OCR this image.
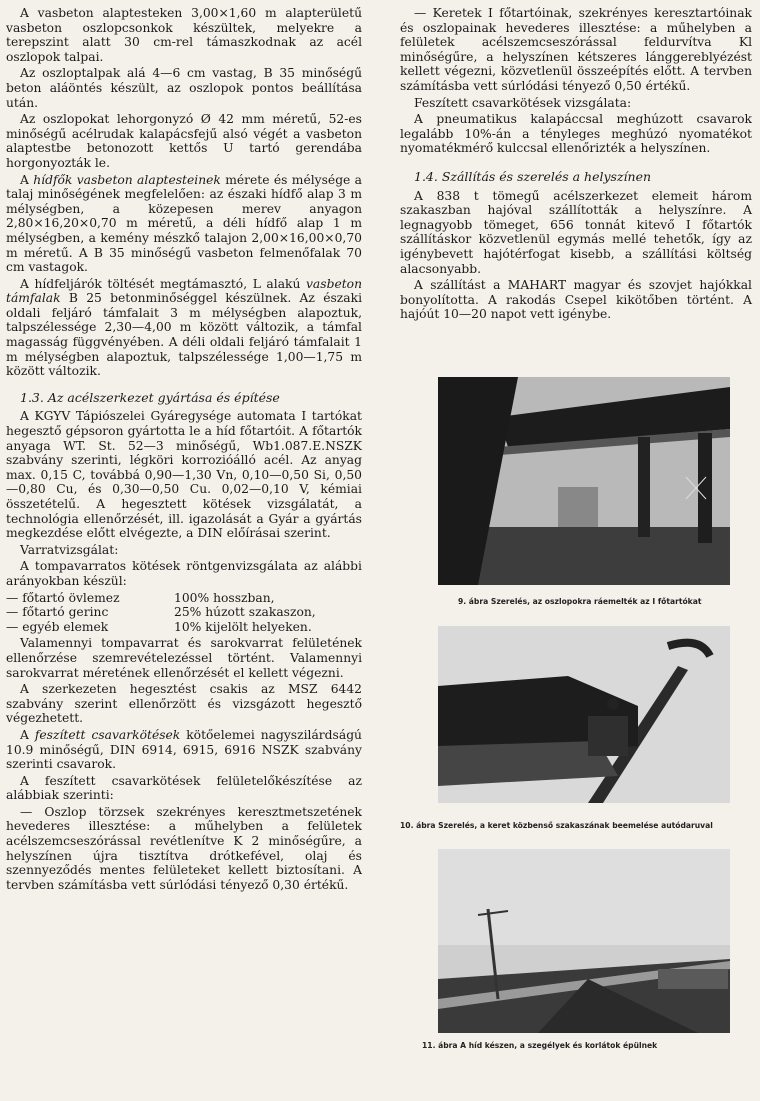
A vasbeton alaptesteken 3,00×1,60 m alapterületű vasbeton oszlopcsonkok készültek, melyekre a terepszint alatt 30 cm-rel támaszkodnak az acél oszlopok talpai.

Az oszloptalpak alá 4—6 cm vastag, B 35 minőségű beton aláöntés készült, az oszlopok pontos beállítása után.

Az oszlopokat lehorgonyzó Ø 42 mm méretű, 52-es minőségű acélrudak kalapácsfejű alsó végét a vasbeton alaptestbe betonozott kettős U tartó gerendába horgonyozták le.

A hídfők vasbeton alaptesteinek mérete és mélysége a talaj minőségének megfelelően: az északi hídfő alap 3 m mélységben, a közepesen merev anyagon 2,80×16,20×0,70 m méretű, a déli hídfő alap 1 m mélységben, a kemény mészkő talajon 2,00×16,00×0,70 m méretű. A B 35 minőségű vasbeton felmenőfalak 70 cm vastagok.

A hídfeljárók töltését megtámasztó, L alakú vasbeton támfalak B 25 betonminőséggel készülnek. Az északi oldali feljáró támfalait 3 m mélységben alapoztuk, talpszélessége 2,30—4,00 m között változik, a támfal magasság függvényében. A déli oldali feljáró támfalait 1 m mélységben alapoztuk, talpszélessége 1,00—1,75 m között változik.

1.3. Az acélszerkezet gyártása és építése

A KGYV Tápiószelei Gyáregysége automata I tartókat hegesztő gépsoron gyártotta le a híd főtartóit. A főtartók anyaga WT. St. 52—3 minőségű, Wb1.087.E.NSZK szabvány szerinti, légköri korrozióálló acél. Az anyag max. 0,15 C, továbbá 0,90—1,30 Vn, 0,10—0,50 Si, 0,50—0,80 Cu, és 0,30—0,50 Cu. 0,02—0,10 V, kémiai összetételű. A hegesztett kötések vizsgálatát, a technológia ellenőrzését, ill. igazolását a Gyár a gyártás megkezdése előtt elvégezte, a DIN előírásai szerint.

Varratvizsgálat:

A tompavarratos kötések röntgenvizsgálata az alábbi arányokban készül:

— főtartó övlemez	100% hosszban,
— főtartó gerinc	25% húzott szakaszon,
— egyéb elemek	10% kijelölt helyeken.

Valamennyi tompavarrat és sarokvarrat felületének ellenőrzése szemrevételezéssel történt. Valamennyi sarokvarrat méretének ellenőrzését el kellett végezni.

A szerkezeten hegesztést csakis az MSZ 6442 szabvány szerint ellenőrzött és vizsgázott hegesztő végezhetett.

A feszített csavarkötések kötőelemei nagyszilárdságú 10.9 minőségű, DIN 6914, 6915, 6916 NSZK szabvány szerinti csavarok.

A feszített csavarkötések felületelőkészítése az alábbiak szerinti:

— Oszlop törzsek szekrényes keresztmetszetének hevederes illesztése: a műhelyben a felületek acélszemcseszórással revétlenítve K 2 minőségűre, a helyszínen újra tisztítva drótkefével, olaj és szennyeződés mentes felületeket kellett biztosítani. A tervben számításba vett súrlódási tényező 0,30 értékű.

— Keretek I főtartóinak, szekrényes keresztartóinak és oszlopainak hevederes illesztése: a műhelyben a felületek acélszemcseszórással feldurvítva Kl minőségűre, a helyszínen kétszeres lánggereblyézést kellett végezni, közvetlenül összeépítés előtt. A tervben számításba vett súrlódási tényező 0,50 értékű.

Feszített csavarkötések vizsgálata:

A pneumatikus kalapáccsal meghúzott csavarok legalább 10%-án a tényleges meghúzó nyomatékot nyomatékmérő kulccsal ellenőrizték a helyszínen.

1.4. Szállítás és szerelés a helyszínen

A 838 t tömegű acélszerkezet elemeit három szakaszban hajóval szállították a helyszínre. A legnagyobb tömeget, 656 tonnát kitevő I főtartók szállításkor közvetlenül egymás mellé tehetők, így az igénybevett hajótérfogat kisebb, a szállítási költség alacsonyabb.

A szállítást a MAHART magyar és szovjet hajókkal bonyolította. A rakodás Csepel kikötőben történt. A hajóút 10—20 napot vett igénybe.

9. ábra Szerelés, az oszlopokra ráemelték az I főtartókat
10. ábra Szerelés, a keret közbenső szakaszának beemelése autódaruval
11. ábra A híd készen, a szegélyek és korlátok épülnek
